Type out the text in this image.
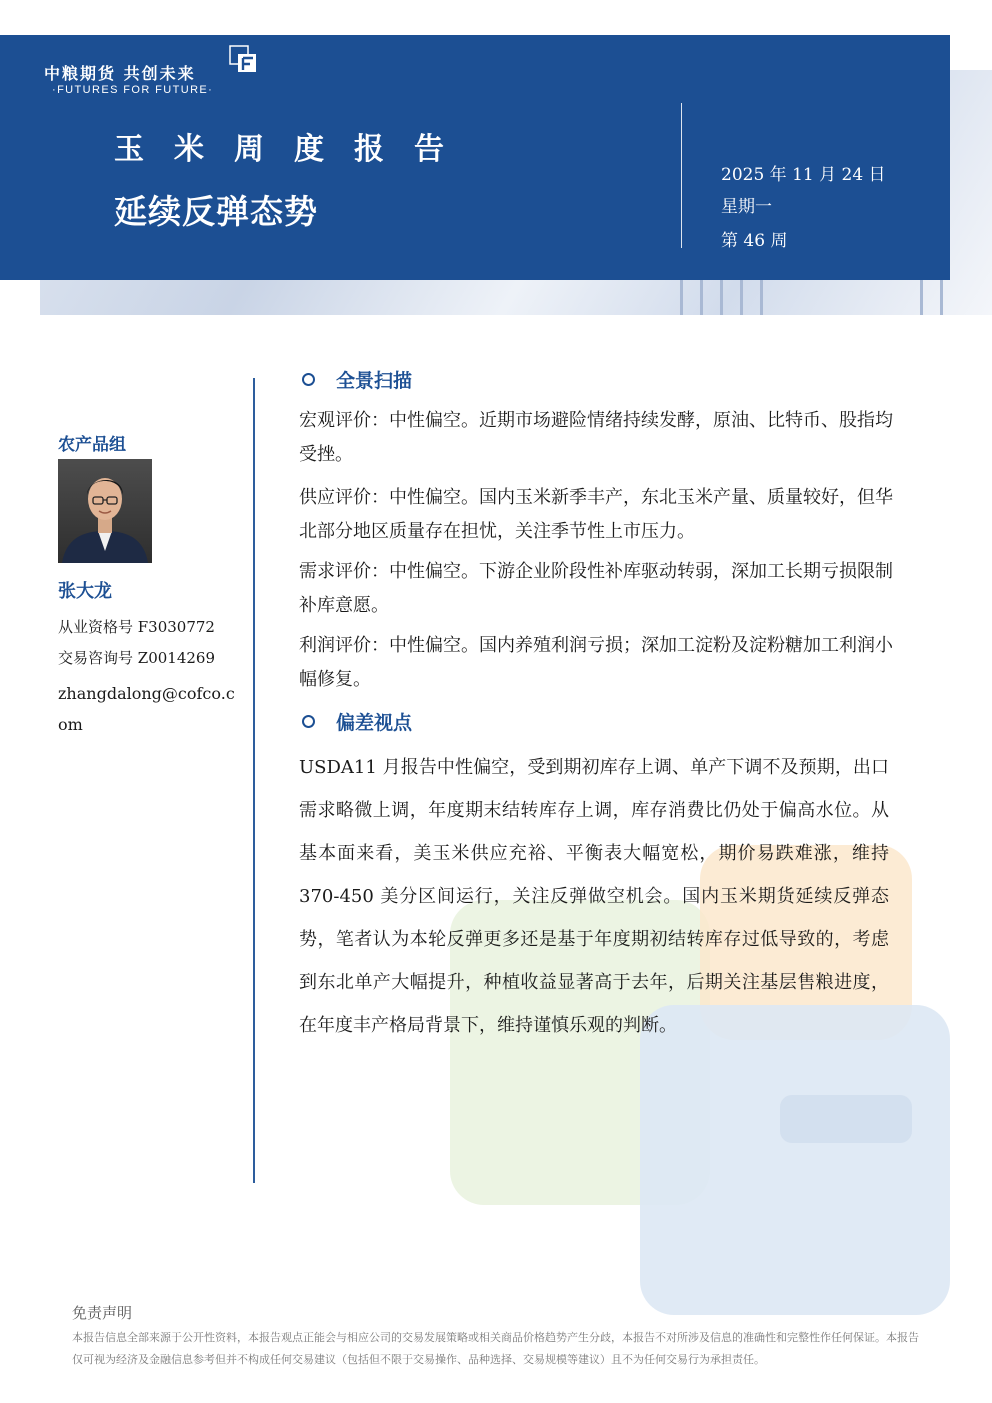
中粮期货 共创未来
·FUTURES FOR FUTURE·
玉米周度报告
延续反弹态势
2025 年 11 月 24 日
星期一
第 46 周
农产品组
张大龙
从业资格号 F3030772
交易咨询号 Z0014269
zhangdalong@cofco.com
全景扫描
宏观评价：中性偏空。近期市场避险情绪持续发酵，原油、比特币、股指均受挫。
供应评价：中性偏空。国内玉米新季丰产，东北玉米产量、质量较好，但华北部分地区质量存在担忧，关注季节性上市压力。
需求评价：中性偏空。下游企业阶段性补库驱动转弱，深加工长期亏损限制补库意愿。
利润评价：中性偏空。国内养殖利润亏损；深加工淀粉及淀粉糖加工利润小幅修复。
偏差视点
USDA11 月报告中性偏空，受到期初库存上调、单产下调不及预期，出口需求略微上调，年度期末结转库存上调，库存消费比仍处于偏高水位。从基本面来看，美玉米供应充裕、平衡表大幅宽松，期价易跌难涨，维持 370-450 美分区间运行，关注反弹做空机会。国内玉米期货延续反弹态势，笔者认为本轮反弹更多还是基于年度期初结转库存过低导致的，考虑到东北单产大幅提升，种植收益显著高于去年，后期关注基层售粮进度，在年度丰产格局背景下，维持谨慎乐观的判断。
免责声明
本报告信息全部来源于公开性资料，本报告观点正能会与相应公司的交易发展策略或相关商品价格趋势产生分歧，本报告不对所涉及信息的准确性和完整性作任何保证。本报告仅可视为经济及金融信息参考但并不构成任何交易建议（包括但不限于交易操作、品种选择、交易规模等建议）且不为任何交易行为承担责任。
